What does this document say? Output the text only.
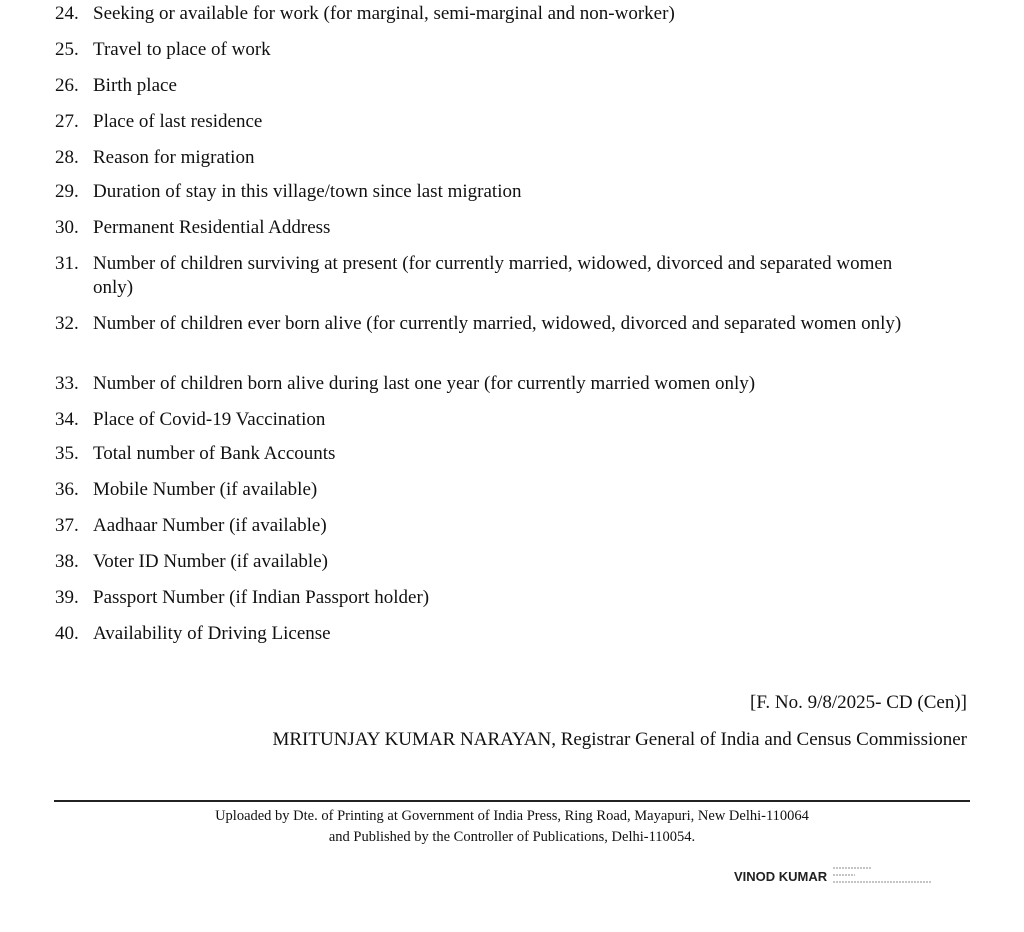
24. Seeking or available for work (for marginal, semi-marginal and non-worker)
25. Travel to place of work
26. Birth place
27. Place of last residence
28. Reason for migration
29. Duration of stay in this village/town since last migration
30. Permanent Residential Address
31. Number of children surviving at present (for currently married, widowed, divorced and separated women only)
32. Number of children ever born alive (for currently married, widowed, divorced and separated women only)
33. Number of children born alive during last one year (for currently married women only)
34. Place of Covid-19 Vaccination
35. Total number of Bank Accounts
36. Mobile Number (if available)
37. Aadhaar Number (if available)
38. Voter ID Number (if available)
39. Passport Number (if Indian Passport holder)
40. Availability of Driving License
[F. No. 9/8/2025- CD (Cen)]
MRITUNJAY KUMAR NARAYAN, Registrar General of India and Census Commissioner
Uploaded by Dte. of Printing at Government of India Press, Ring Road, Mayapuri, New Delhi-110064
and Published by the Controller of Publications, Delhi-110054.
VINOD KUMAR
